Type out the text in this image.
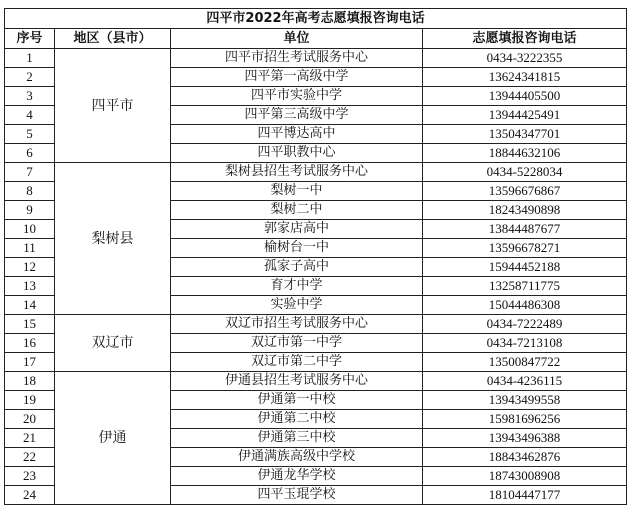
四平市2022年高考志愿填报咨询电话			
序号	地区（县市）	单位	志愿填报咨询电话
1	四平市	四平市招生考试服务中心	0434-3222355
2		四平第一高级中学	13624341815
3		四平市实验中学	13944405500
4		四平第三高级中学	13944425491
5		四平博达高中	13504347701
6		四平职教中心	18844632106
7	梨树县	梨树县招生考试服务中心	0434-5228034
8		梨树一中	13596676867
9		梨树二中	18243490898
10		郭家店高中	13844487677
11		榆树台一中	13596678271
12		孤家子高中	15944452188
13		育才中学	13258711775
14		实验中学	15044486308
15	双辽市	双辽市招生考试服务中心	0434-7222489
16		双辽市第一中学	0434-7213108
17		双辽市第二中学	13500847722
18	伊通	伊通县招生考试服务中心	0434-4236115
19		伊通第一中校	13943499558
20		伊通第二中校	15981696256
21		伊通第三中校	13943496388
22		伊通满族高级中学校	18843462876
23		伊通龙华学校	18743008908
24		四平玉琨学校	18104447177
